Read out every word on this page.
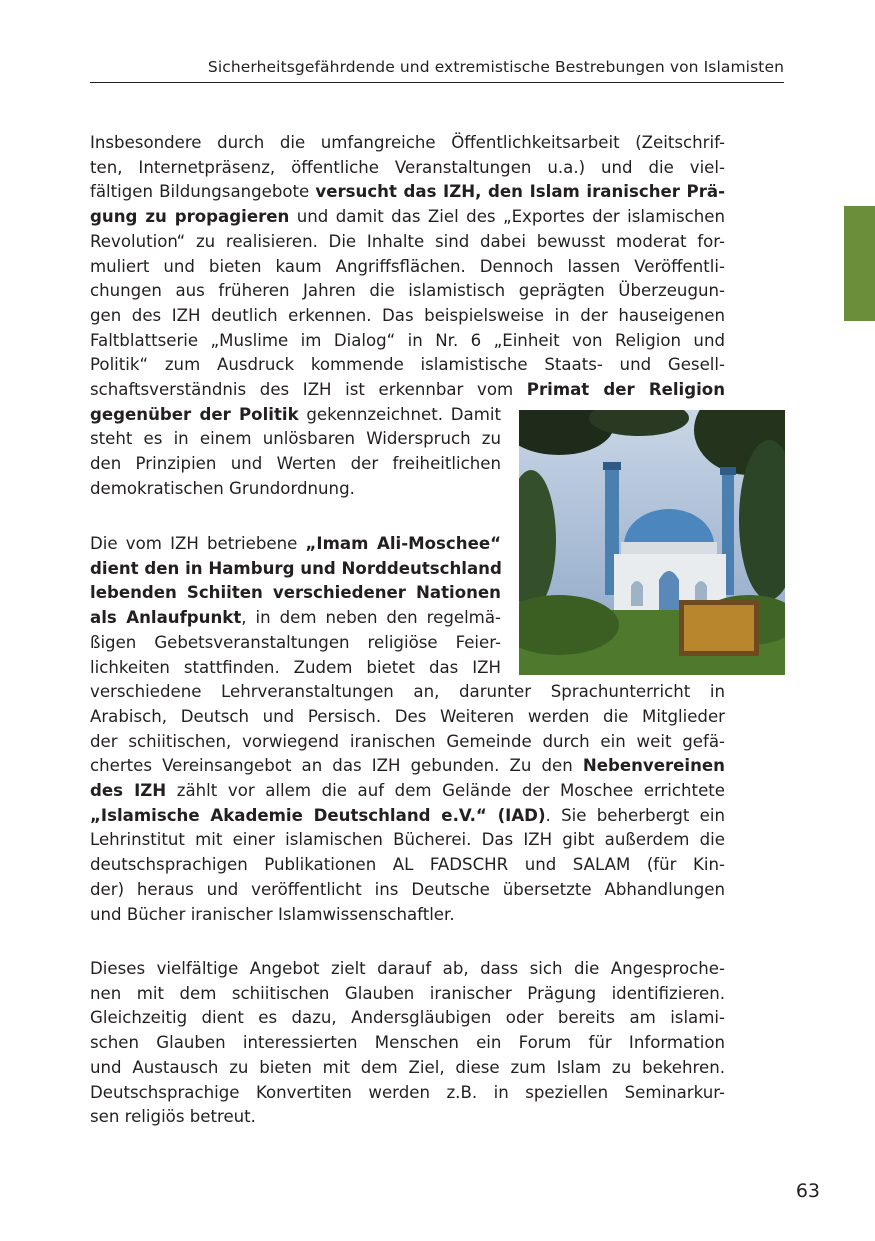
Sicherheitsgefährdende und extremistische Bestrebungen von Islamisten

Insbesondere durch die umfangreiche Öffentlichkeitsarbeit (Zeitschrif-
ten, Internetpräsenz, öffentliche Veranstaltungen u.a.) und die viel-
fältigen Bildungsangebote versucht das IZH, den Islam iranischer Prä-
gung zu propagieren und damit das Ziel des „Exportes der islamischen
Revolution“ zu realisieren. Die Inhalte sind dabei bewusst moderat for-
muliert und bieten kaum Angriffsflächen. Dennoch lassen Veröffentli-
chungen aus früheren Jahren die islamistisch geprägten Überzeugun-
gen des IZH deutlich erkennen. Das beispielsweise in der hauseigenen
Faltblattserie „Muslime im Dialog“ in Nr. 6 „Einheit von Religion und
Politik“ zum Ausdruck kommende islamistische Staats- und Gesell-
schaftsverständnis des IZH ist erkennbar vom Primat der Religion
gegenüber der Politik gekennzeichnet. Damit
steht es in einem unlösbaren Widerspruch zu
den Prinzipien und Werten der freiheitlichen
demokratischen Grundordnung.

Die vom IZH betriebene „Imam Ali-Moschee“
dient den in Hamburg und Norddeutschland
lebenden Schiiten verschiedener Nationen
als Anlaufpunkt, in dem neben den regelmä-
ßigen Gebetsveranstaltungen religiöse Feier-
lichkeiten stattfinden. Zudem bietet das IZH
verschiedene Lehrveranstaltungen an, darunter Sprachunterricht in
Arabisch, Deutsch und Persisch. Des Weiteren werden die Mitglieder
der schiitischen, vorwiegend iranischen Gemeinde durch ein weit gefä-
chertes Vereinsangebot an das IZH gebunden. Zu den Nebenvereinen
des IZH zählt vor allem die auf dem Gelände der Moschee errichtete
„Islamische Akademie Deutschland e.V.“ (IAD). Sie beherbergt ein
Lehrinstitut mit einer islamischen Bücherei. Das IZH gibt außerdem die
deutschsprachigen Publikationen AL FADSCHR und SALAM (für Kin-
der) heraus und veröffentlicht ins Deutsche übersetzte Abhandlungen
und Bücher iranischer Islamwissenschaftler.

Dieses vielfältige Angebot zielt darauf ab, dass sich die Angesproche-
nen mit dem schiitischen Glauben iranischer Prägung identifizieren.
Gleichzeitig dient es dazu, Andersgläubigen oder bereits am islami-
schen Glauben interessierten Menschen ein Forum für Information
und Austausch zu bieten mit dem Ziel, diese zum Islam zu bekehren.
Deutschsprachige Konvertiten werden z.B. in speziellen Seminarkur-
sen religiös betreut.

63
